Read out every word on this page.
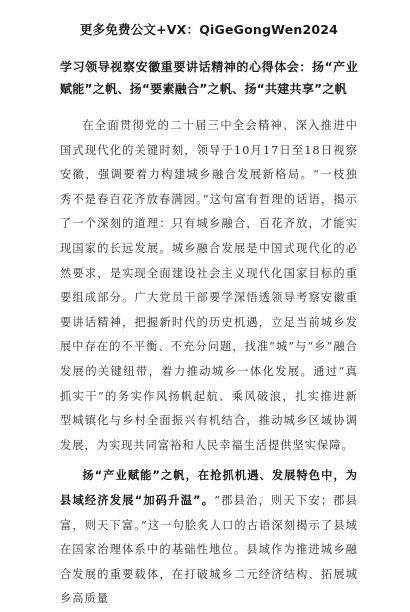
更多免费公文+VX：QiGeGongWen2024
学习领导视察安徽重要讲话精神的心得体会：扬“产业赋能”之帆、扬“要素融合”之帆、扬“共建共享”之帆

在全面贯彻党的二十届三中全会精神、深入推进中国式现代化的关键时刻，领导于10月17日至18日视察安徽，强调要着力构建城乡融合发展新格局。“一枝独秀不是春百花齐放春满园。”这句富有哲理的话语，揭示了一个深刻的道理：只有城乡融合，百花齐放，才能实现国家的长远发展。城乡融合发展是中国式现代化的必然要求，是实现全面建设社会主义现代化国家目标的重要组成部分。广大党员干部要学深悟透领导考察安徽重要讲话精神，把握新时代的历史机遇，立足当前城乡发展中存在的不平衡、不充分问题，找准“城”与“乡”融合发展的关键纽带，着力推动城乡一体化发展。通过“真抓实干”的务实作风扬帆起航、乘风破浪，扎实推进新型城镇化与乡村全面振兴有机结合，推动城乡区域协调发展，为实现共同富裕和人民幸福生活提供坚实保障。

扬“产业赋能”之帆，在抢抓机遇、发展特色中，为县域经济发展“加码升温”。“郡县治，则天下安；郡县富，则天下富。”这一句脍炙人口的古语深刻揭示了县域在国家治理体系中的基础性地位。县域作为推进城乡融合发展的重要载体，在打破城乡二元经济结构、拓展城乡高质量
